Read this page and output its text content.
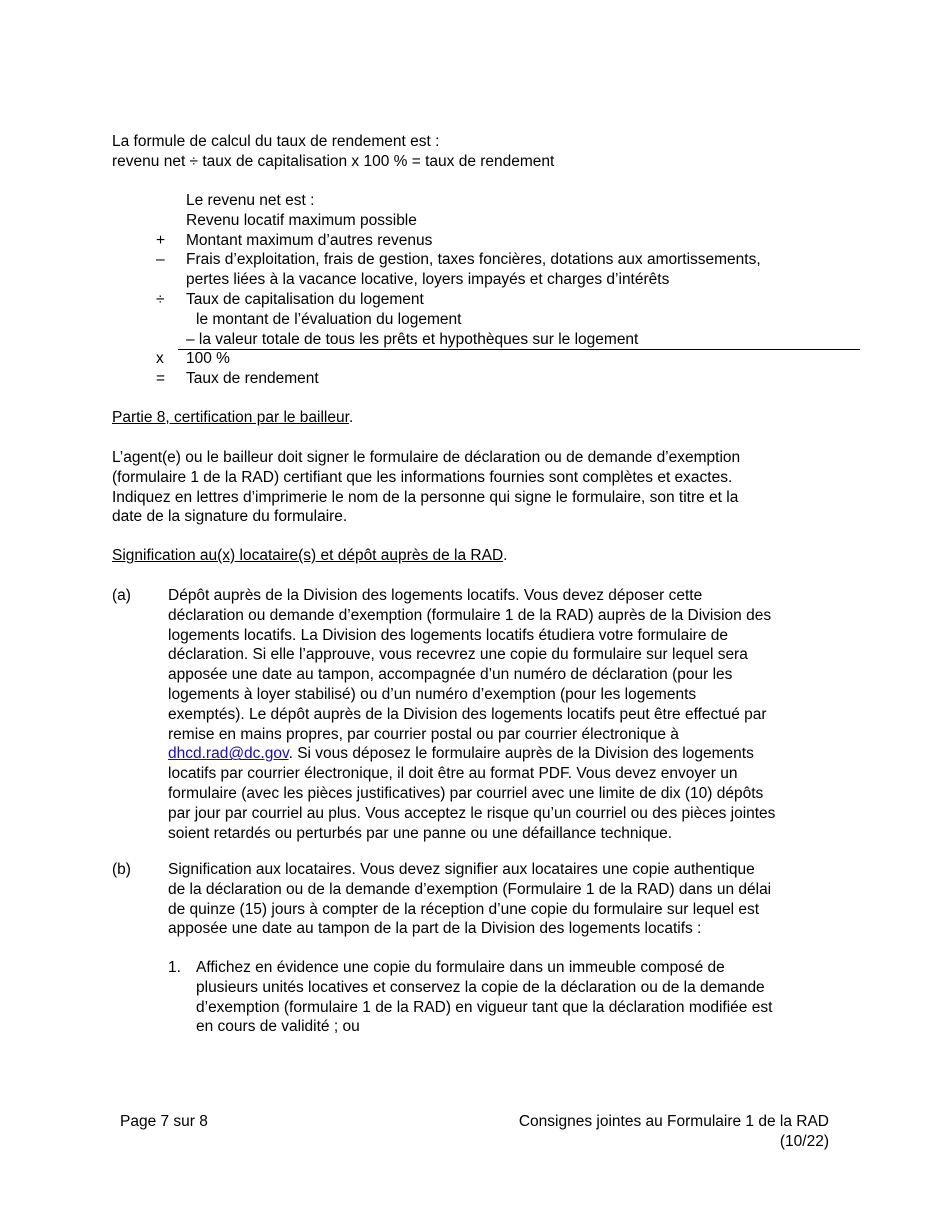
La formule de calcul du taux de rendement est :
revenu net ÷ taux de capitalisation x 100 % = taux de rendement
Le revenu net est :
Revenu locatif maximum possible
+	Montant maximum d’autres revenus
–	Frais d’exploitation, frais de gestion, taxes foncières, dotations aux amortissements,
pertes liées à la vacance locative, loyers impayés et charges d’intérêts
÷	Taux de capitalisation du logement
le montant de l’évaluation du logement
– la valeur totale de tous les prêts et hypothèques sur le logement
x	100 %
=	Taux de rendement
Partie 8, certification par le bailleur.
L’agent(e) ou le bailleur doit signer le formulaire de déclaration ou de demande d’exemption
(formulaire 1 de la RAD) certifiant que les informations fournies sont complètes et exactes.
Indiquez en lettres d’imprimerie le nom de la personne qui signe le formulaire, son titre et la
date de la signature du formulaire.
Signification au(x) locataire(s) et dépôt auprès de la RAD.
(a) Dépôt auprès de la Division des logements locatifs. Vous devez déposer cette
déclaration ou demande d’exemption (formulaire 1 de la RAD) auprès de la Division des
logements locatifs. La Division des logements locatifs étudiera votre formulaire de
déclaration. Si elle l’approuve, vous recevrez une copie du formulaire sur lequel sera
apposée une date au tampon, accompagnée d’un numéro de déclaration (pour les
logements à loyer stabilisé) ou d’un numéro d’exemption (pour les logements
exemptés). Le dépôt auprès de la Division des logements locatifs peut être effectué par
remise en mains propres, par courrier postal ou par courrier électronique à
dhcd.rad@dc.gov. Si vous déposez le formulaire auprès de la Division des logements
locatifs par courrier électronique, il doit être au format PDF. Vous devez envoyer un
formulaire (avec les pièces justificatives) par courriel avec une limite de dix (10) dépôts
par jour par courriel au plus. Vous acceptez le risque qu’un courriel ou des pièces jointes
soient retardés ou perturbés par une panne ou une défaillance technique.
(b) Signification aux locataires. Vous devez signifier aux locataires une copie authentique
de la déclaration ou de la demande d’exemption (Formulaire 1 de la RAD) dans un délai
de quinze (15) jours à compter de la réception d’une copie du formulaire sur lequel est
apposée une date au tampon de la part de la Division des logements locatifs :
1. Affichez en évidence une copie du formulaire dans un immeuble composé de
plusieurs unités locatives et conservez la copie de la déclaration ou de la demande
d’exemption (formulaire 1 de la RAD) en vigueur tant que la déclaration modifiée est
en cours de validité ; ou
Page 7 sur 8	Consignes jointes au Formulaire 1 de la RAD
(10/22)
